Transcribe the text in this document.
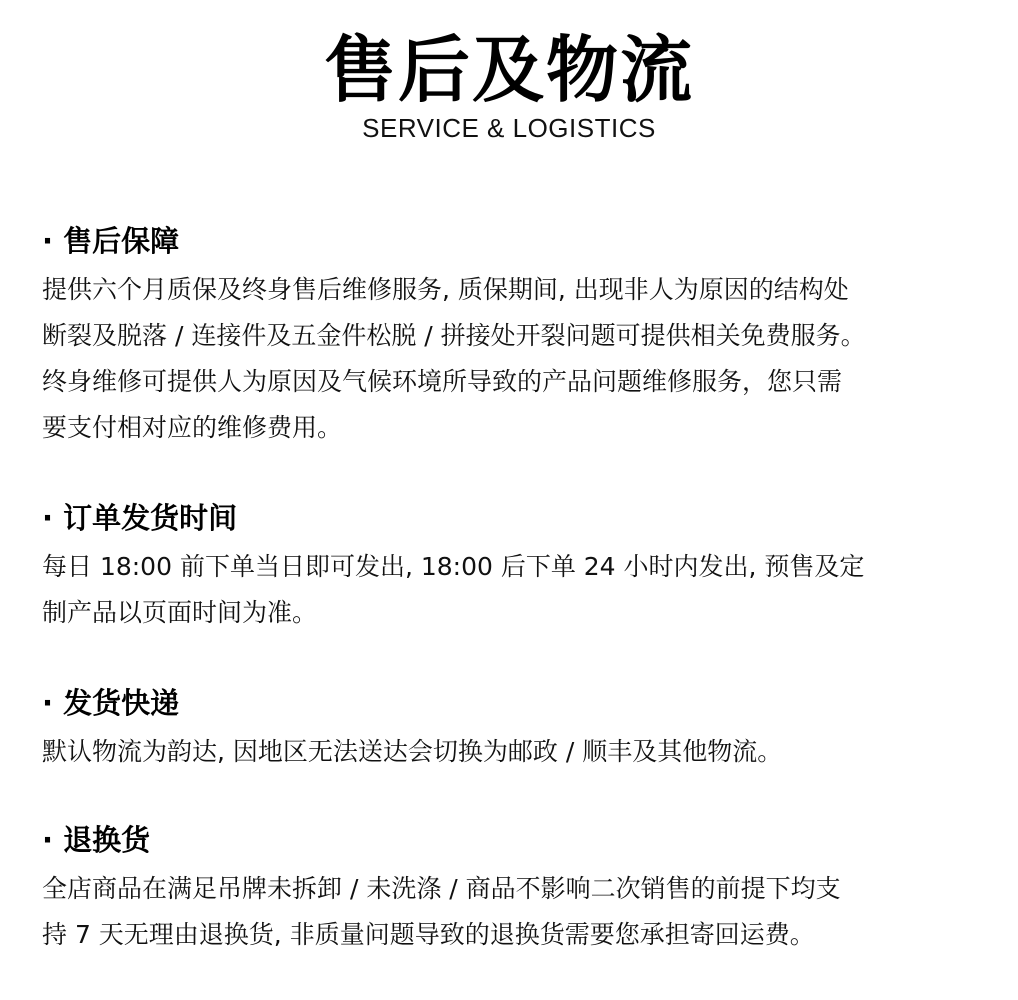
售后及物流
SERVICE & LOGISTICS
· 售后保障
提供六个月质保及终身售后维修服务, 质保期间, 出现非人为原因的结构处
断裂及脱落 / 连接件及五金件松脱 / 拼接处开裂问题可提供相关免费服务。
终身维修可提供人为原因及气候环境所导致的产品问题维修服务，您只需
要支付相对应的维修费用。
· 订单发货时间
每日 18:00 前下单当日即可发出, 18:00 后下单 24 小时内发出, 预售及定
制产品以页面时间为准。
· 发货快递
默认物流为韵达, 因地区无法送达会切换为邮政 / 顺丰及其他物流。
· 退换货
全店商品在满足吊牌未拆卸 / 未洗涤 / 商品不影响二次销售的前提下均支
持 7 天无理由退换货, 非质量问题导致的退换货需要您承担寄回运费。
